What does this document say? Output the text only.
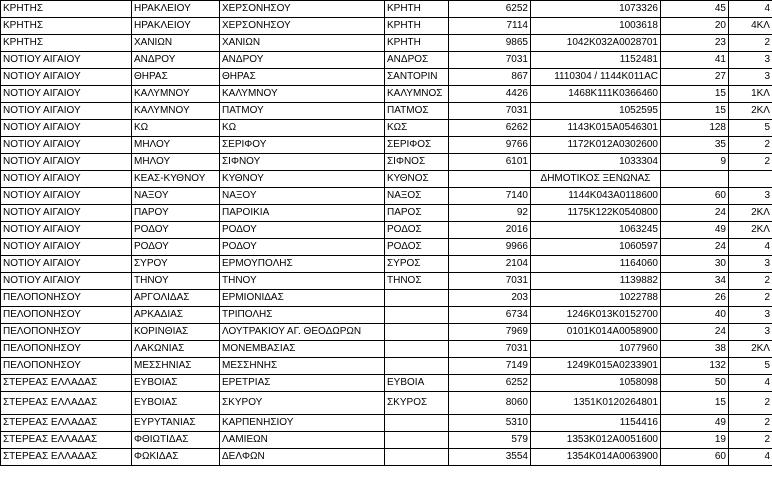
ΚΡΗΤΗΣ	ΗΡΑΚΛΕΙΟΥ	ΧΕΡΣΟΝΗΣΟΥ	ΚΡΗΤΗ	6252	1073326	45	4
ΚΡΗΤΗΣ	ΗΡΑΚΛΕΙΟΥ	ΧΕΡΣΟΝΗΣΟΥ	ΚΡΗΤΗ	7114	1003618	20	4ΚΛ
ΚΡΗΤΗΣ	ΧΑΝΙΩΝ	ΧΑΝΙΩΝ	ΚΡΗΤΗ	9865	1042K032A0028701	23	2
ΝΟΤΙΟΥ ΑΙΓΑΙΟΥ	ΑΝΔΡΟΥ	ΑΝΔΡΟΥ	ΑΝΔΡΟΣ	7031	1152481	41	3
ΝΟΤΙΟΥ ΑΙΓΑΙΟΥ	ΘΗΡΑΣ	ΘΗΡΑΣ	ΣΑΝΤΟΡΙΝ	867	1110304 / 1144K011AC	27	3
ΝΟΤΙΟΥ ΑΙΓΑΙΟΥ	ΚΑΛΥΜΝΟΥ	ΚΑΛΥΜΝΟΥ	ΚΑΛΥΜΝΟΣ	4426	1468K111K0366460	15	1ΚΛ
ΝΟΤΙΟΥ ΑΙΓΑΙΟΥ	ΚΑΛΥΜΝΟΥ	ΠΑΤΜΟΥ	ΠΑΤΜΟΣ	7031	1052595	15	2ΚΛ
ΝΟΤΙΟΥ ΑΙΓΑΙΟΥ	ΚΩ	ΚΩ	ΚΩΣ	6262	1143K015A0546301	128	5
ΝΟΤΙΟΥ ΑΙΓΑΙΟΥ	ΜΗΛΟΥ	ΣΕΡΙΦΟΥ	ΣΕΡΙΦΟΣ	9766	1172K012A0302600	35	2
ΝΟΤΙΟΥ ΑΙΓΑΙΟΥ	ΜΗΛΟΥ	ΣΙΦΝΟΥ	ΣΙΦΝΟΣ	6101	1033304	9	2
ΝΟΤΙΟΥ ΑΙΓΑΙΟΥ	ΚΕΑΣ-ΚΥΘΝΟΥ	ΚΥΘΝΟΥ	ΚΥΘΝΟΣ		ΔΗΜΟΤΙΚΟΣ ΞΕΝΩΝΑΣ		
ΝΟΤΙΟΥ ΑΙΓΑΙΟΥ	ΝΑΞΟΥ	ΝΑΞΟΥ	ΝΑΞΟΣ	7140	1144K043A0118600	60	3
ΝΟΤΙΟΥ ΑΙΓΑΙΟΥ	ΠΑΡΟΥ	ΠΑΡΟΙΚΙΑ	ΠΑΡΟΣ	92	1175K122K0540800	24	2ΚΛ
ΝΟΤΙΟΥ ΑΙΓΑΙΟΥ	ΡΟΔΟΥ	ΡΟΔΟΥ	ΡΟΔΟΣ	2016	1063245	49	2ΚΛ
ΝΟΤΙΟΥ ΑΙΓΑΙΟΥ	ΡΟΔΟΥ	ΡΟΔΟΥ	ΡΟΔΟΣ	9966	1060597	24	4
ΝΟΤΙΟΥ ΑΙΓΑΙΟΥ	ΣΥΡΟΥ	ΕΡΜΟΥΠΟΛΗΣ	ΣΥΡΟΣ	2104	1164060	30	3
ΝΟΤΙΟΥ ΑΙΓΑΙΟΥ	ΤΗΝΟΥ	ΤΗΝΟΥ	ΤΗΝΟΣ	7031	1139882	34	2
ΠΕΛΟΠΟΝΗΣΟΥ	ΑΡΓΟΛΙΔΑΣ	ΕΡΜΙΟΝΙΔΑΣ		203	1022788	26	2
ΠΕΛΟΠΟΝΗΣΟΥ	ΑΡΚΑΔΙΑΣ	ΤΡΙΠΟΛΗΣ		6734	1246K013K0152700	40	3
ΠΕΛΟΠΟΝΗΣΟΥ	ΚΟΡΙΝΘΙΑΣ	ΛΟΥΤΡΑΚΙΟΥ ΑΓ. ΘΕΟΔΩΡΩΝ		7969	0101K014A0058900	24	3
ΠΕΛΟΠΟΝΗΣΟΥ	ΛΑΚΩΝΙΑΣ	ΜΟΝΕΜΒΑΣΙΑΣ		7031	1077960	38	2ΚΛ
ΠΕΛΟΠΟΝΗΣΟΥ	ΜΕΣΣΗΝΙΑΣ	ΜΕΣΣΗΝΗΣ		7149	1249K015A0233901	132	5
ΣΤΕΡΕΑΣ ΕΛΛΑΔΑΣ	ΕΥΒΟΙΑΣ	ΕΡΕΤΡΙΑΣ	ΕΥΒΟΙΑ	6252	1058098	50	4
ΣΤΕΡΕΑΣ ΕΛΛΑΔΑΣ	ΕΥΒΟΙΑΣ	ΣΚΥΡΟΥ	ΣΚΥΡΟΣ	8060	1351K0120264801	15	2
ΣΤΕΡΕΑΣ ΕΛΛΑΔΑΣ	ΕΥΡΥΤΑΝΙΑΣ	ΚΑΡΠΕΝΗΣΙΟΥ		5310	1154416	49	2
ΣΤΕΡΕΑΣ ΕΛΛΑΔΑΣ	ΦΘΙΩΤΙΔΑΣ	ΛΑΜΙΕΩΝ		579	1353K012A0051600	19	2
ΣΤΕΡΕΑΣ ΕΛΛΑΔΑΣ	ΦΩΚΙΔΑΣ	ΔΕΛΦΩΝ		3554	1354K014A0063900	60	4
